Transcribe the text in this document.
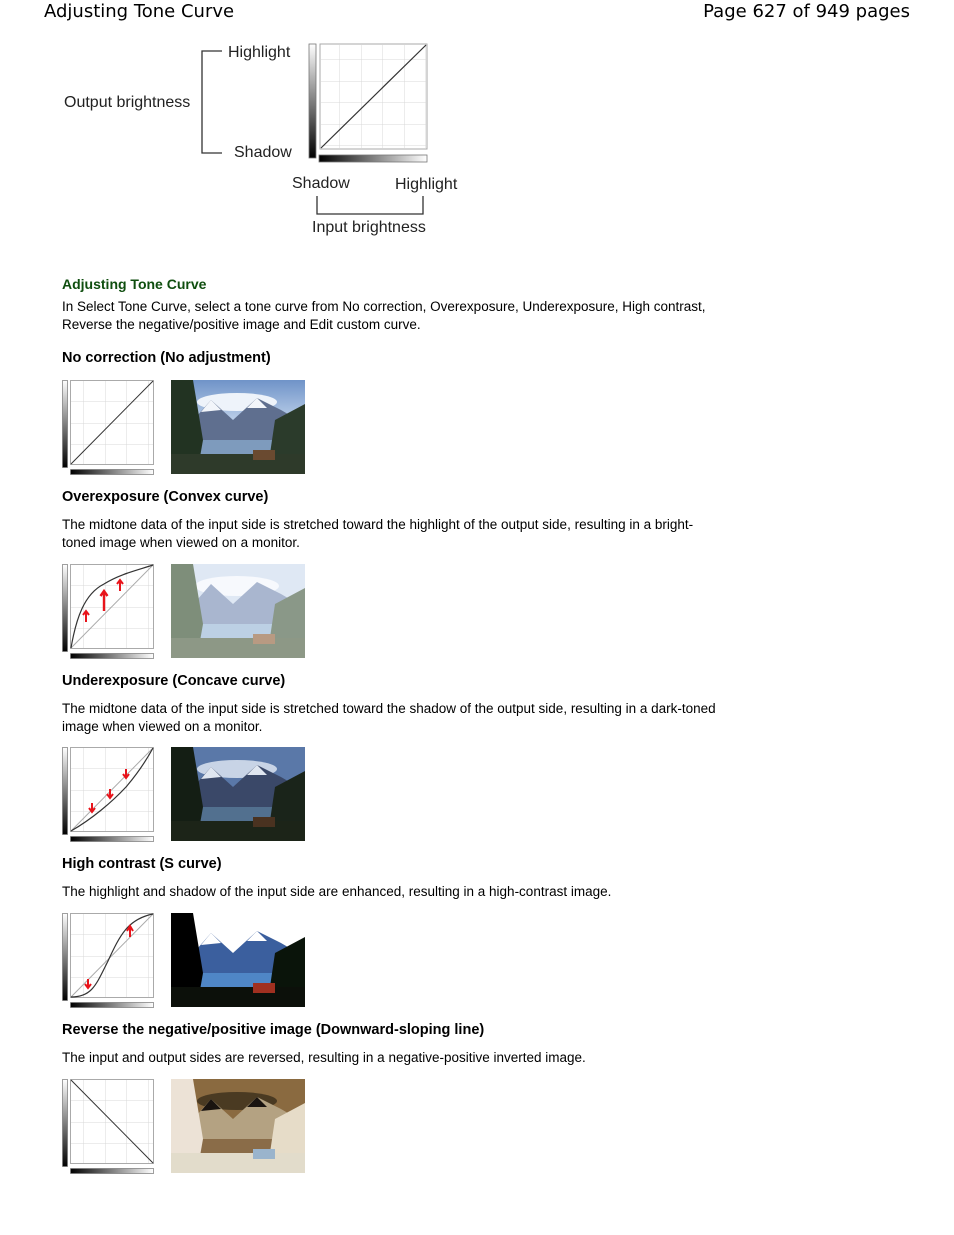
Adjusting Tone Curve	Page 627 of 949 pages
Output brightness
Highlight
Shadow
Shadow	Highlight
Input brightness
Adjusting Tone Curve
In Select Tone Curve, select a tone curve from No correction, Overexposure, Underexposure, High contrast, Reverse the negative/positive image and Edit custom curve.
No correction (No adjustment)
Overexposure (Convex curve)
The midtone data of the input side is stretched toward the highlight of the output side, resulting in a bright-toned image when viewed on a monitor.
Underexposure (Concave curve)
The midtone data of the input side is stretched toward the shadow of the output side, resulting in a dark-toned image when viewed on a monitor.
High contrast (S curve)
The highlight and shadow of the input side are enhanced, resulting in a high-contrast image.
Reverse the negative/positive image (Downward-sloping line)
The input and output sides are reversed, resulting in a negative-positive inverted image.
